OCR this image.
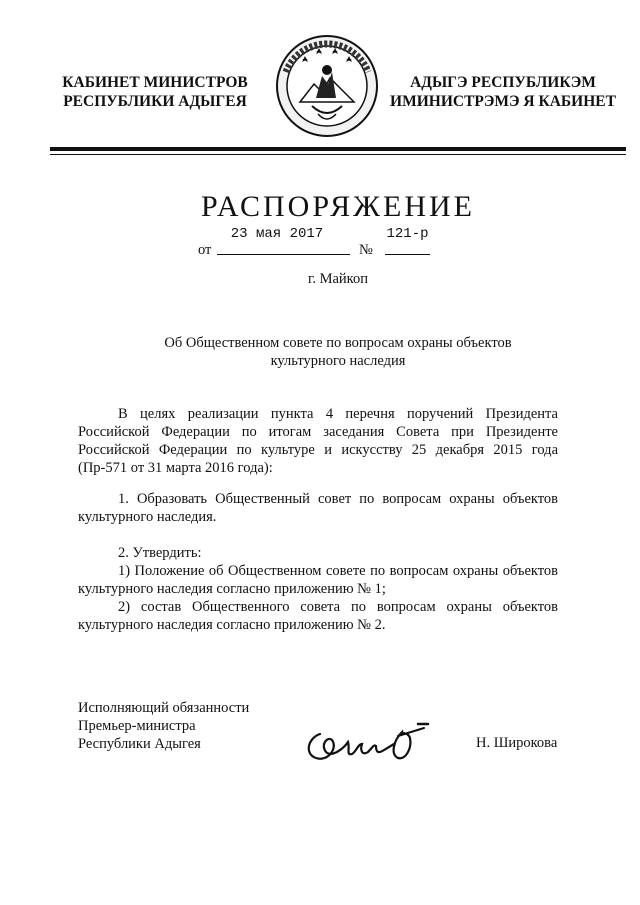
КАБИНЕТ МИНИСТРОВ
РЕСПУБЛИКИ АДЫГЕЯ
АДЫГЭ РЕСПУБЛИКЭМ
ИМИНИСТРЭМЭ Я КАБИНЕТ
РАСПОРЯЖЕНИЕ
23 мая 2017
от
121-р
№
г. Майкоп
Об Общественном совете по вопросам охраны объектов
культурного наследия

В целях реализации пункта 4 перечня поручений Президента Российской Федерации по итогам заседания Совета при Президенте Российской Федерации по культуре и искусству 25 декабря 2015 года (Пр-571 от 31 марта 2016 года):

1. Образовать Общественный совет по вопросам охраны объектов культурного наследия.

2. Утвердить:

1) Положение об Общественном совете по вопросам охраны объектов культурного наследия согласно приложению № 1;

2) состав Общественного совета по вопросам охраны объектов культурного наследия согласно приложению № 2.

Исполняющий обязанности
Премьер-министра
Республики Адыгея	Н. Широкова
